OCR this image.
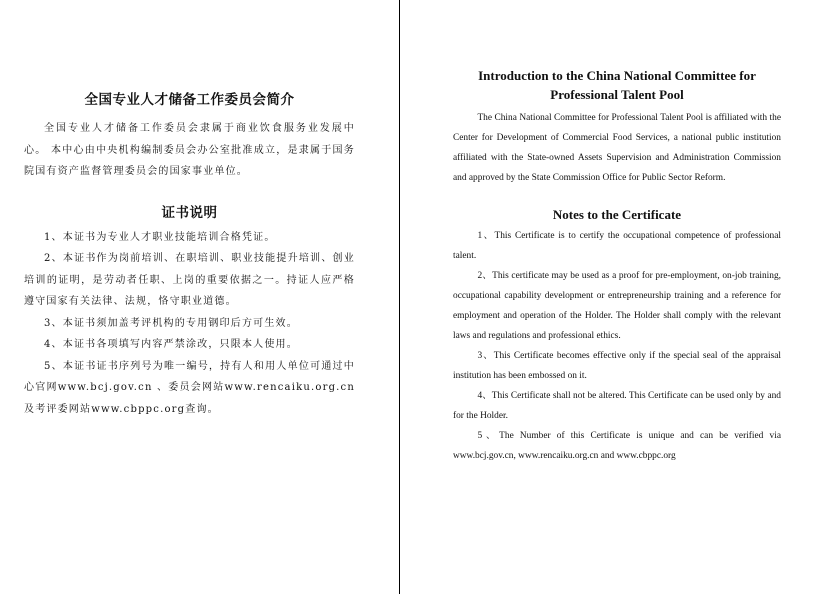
全国专业人才储备工作委员会简介

全国专业人才储备工作委员会隶属于商业饮食服务业发展中心。 本中心由中央机构编制委员会办公室批准成立，是隶属于国务院国有资产监督管理委员会的国家事业单位。

证书说明

1、本证书为专业人才职业技能培训合格凭证。

2、本证书作为岗前培训、在职培训、职业技能提升培训、创业培训的证明，是劳动者任职、上岗的重要依据之一。持证人应严格遵守国家有关法律、法规，恪守职业道德。

3、本证书须加盖考评机构的专用钢印后方可生效。

4、本证书各项填写内容严禁涂改，只限本人使用。

5、本证书证书序列号为唯一编号，持有人和用人单位可通过中心官网www.bcj.gov.cn 、委员会网站www.rencaiku.org.cn 及考评委网站www.cbppc.org查询。

Introduction to the China National Committee for Professional Talent Pool

The China National Committee for Professional Talent Pool is affiliated with the Center for Development of Commercial Food Services, a national public institution affiliated with the State-owned Assets Supervision and Administration Commission and approved by the State Commission Office for Public Sector Reform.

Notes to the Certificate

1、This Certificate is to certify the occupational competence of professional talent.

2、This certificate may be used as a proof for pre-employment, on-job training, occupational capability development or entrepreneurship training and a reference for employment and operation of the Holder. The Holder shall comply with the relevant laws and regulations and professional ethics.

3、This Certificate becomes effective only if the special seal of the appraisal institution has been embossed on it.

4、This Certificate shall not be altered. This Certificate can be used only by and for the Holder.

5、The Number of this Certificate is unique and can be verified via www.bcj.gov.cn, www.rencaiku.org.cn and www.cbppc.org
